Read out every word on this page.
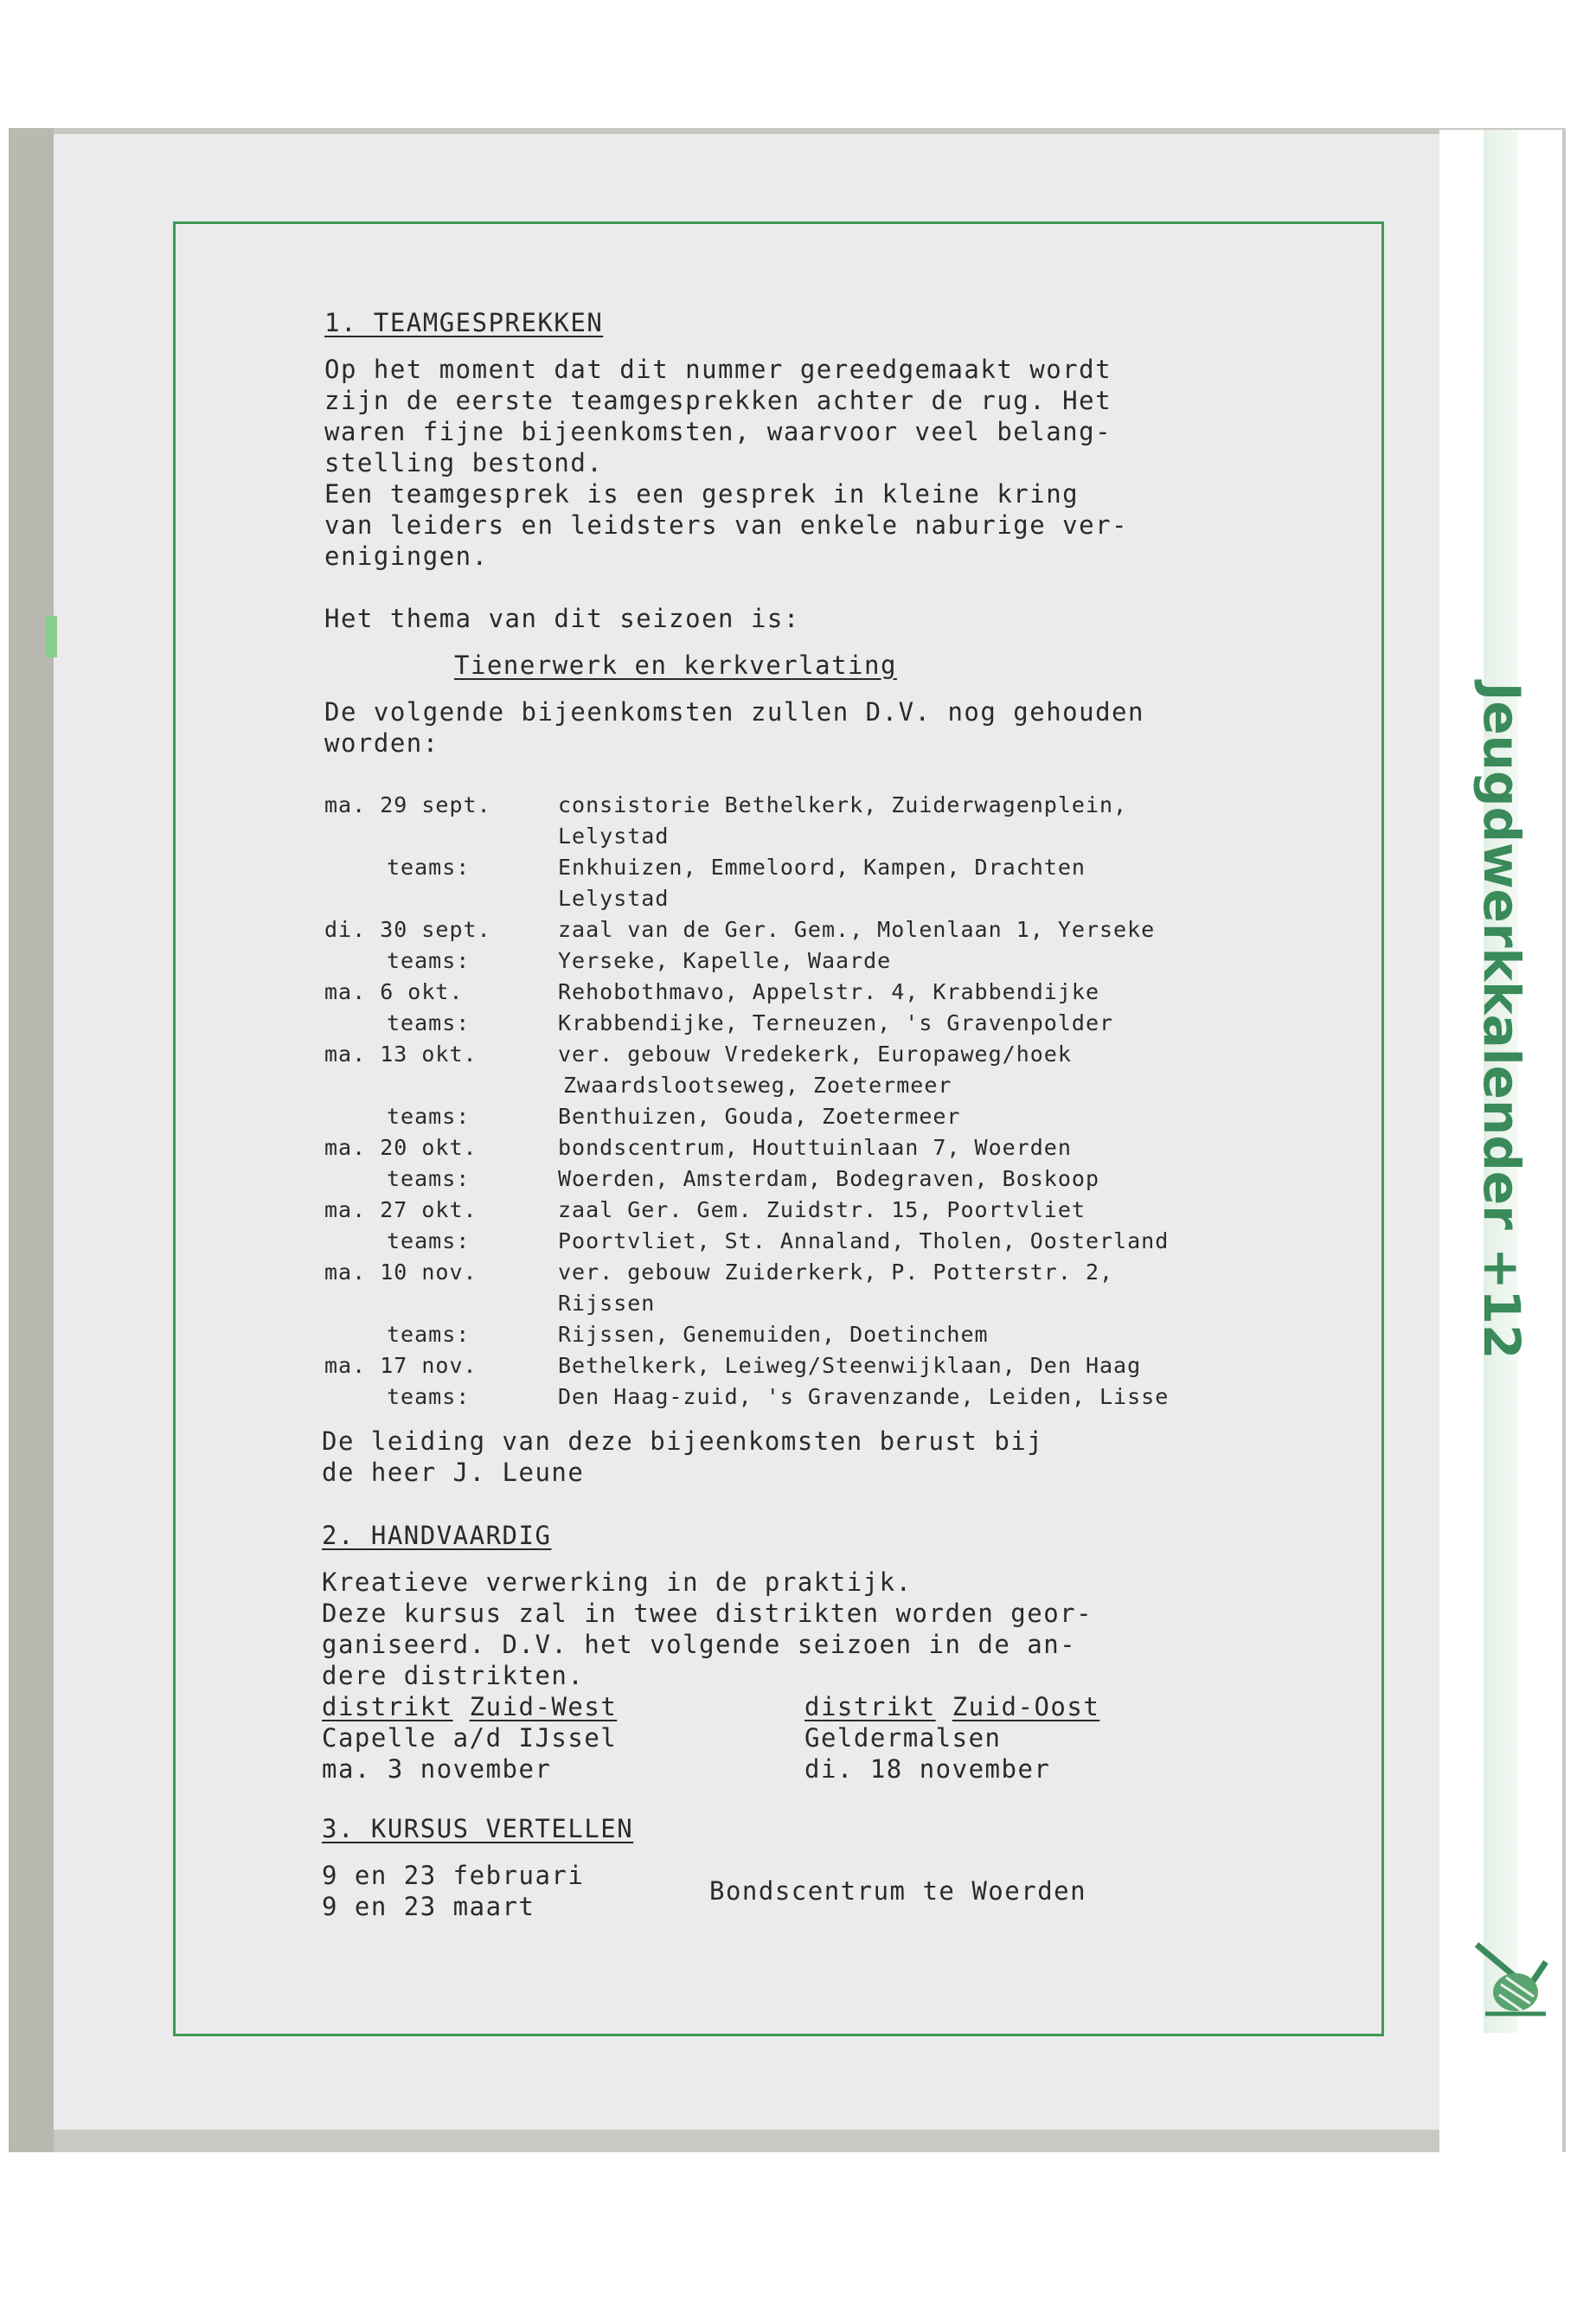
Jeugdwerkkalender +12
1. TEAMGESPREKKEN
Op het moment dat dit nummer gereedgemaakt wordt
zijn de eerste teamgesprekken achter de rug. Het
waren fijne bijeenkomsten, waarvoor veel belang-
stelling bestond.
Een teamgesprek is een gesprek in kleine kring
van leiders en leidsters van enkele naburige ver-
enigingen.
Het thema van dit seizoen is:
Tienerwerk en kerkverlating
De volgende bijeenkomsten zullen D.V. nog gehouden
worden:
ma. 29 sept.	consistorie Bethelkerk, Zuiderwagenplein,
Lelystad
teams:	Enkhuizen, Emmeloord, Kampen, Drachten
Lelystad
di. 30 sept.	zaal van de Ger. Gem., Molenlaan 1, Yerseke
teams:	Yerseke, Kapelle, Waarde
ma. 6 okt.	Rehobothmavo, Appelstr. 4, Krabbendijke
teams:	Krabbendijke, Terneuzen, 's Gravenpolder
ma. 13 okt.	ver. gebouw Vredekerk, Europaweg/hoek
Zwaardslootseweg, Zoetermeer
teams:	Benthuizen, Gouda, Zoetermeer
ma. 20 okt.	bondscentrum, Houttuinlaan 7, Woerden
teams:	Woerden, Amsterdam, Bodegraven, Boskoop
ma. 27 okt.	zaal Ger. Gem. Zuidstr. 15, Poortvliet
teams:	Poortvliet, St. Annaland, Tholen, Oosterland
ma. 10 nov.	ver. gebouw Zuiderkerk, P. Potterstr. 2,
Rijssen
teams:	Rijssen, Genemuiden, Doetinchem
ma. 17 nov.	Bethelkerk, Leiweg/Steenwijklaan, Den Haag
teams:	Den Haag-zuid, 's Gravenzande, Leiden, Lisse
De leiding van deze bijeenkomsten berust bij
de heer J. Leune
2. HANDVAARDIG
Kreatieve verwerking in de praktijk.
Deze kursus zal in twee distrikten worden geor-
ganiseerd. D.V. het volgende seizoen in de an-
dere distrikten.
distrikt Zuid-West
Capelle a/d IJssel
ma. 3 november
distrikt Zuid-Oost
Geldermalsen
di. 18 november
3. KURSUS VERTELLEN
9 en 23 februari
9 en 23 maart
Bondscentrum te Woerden
